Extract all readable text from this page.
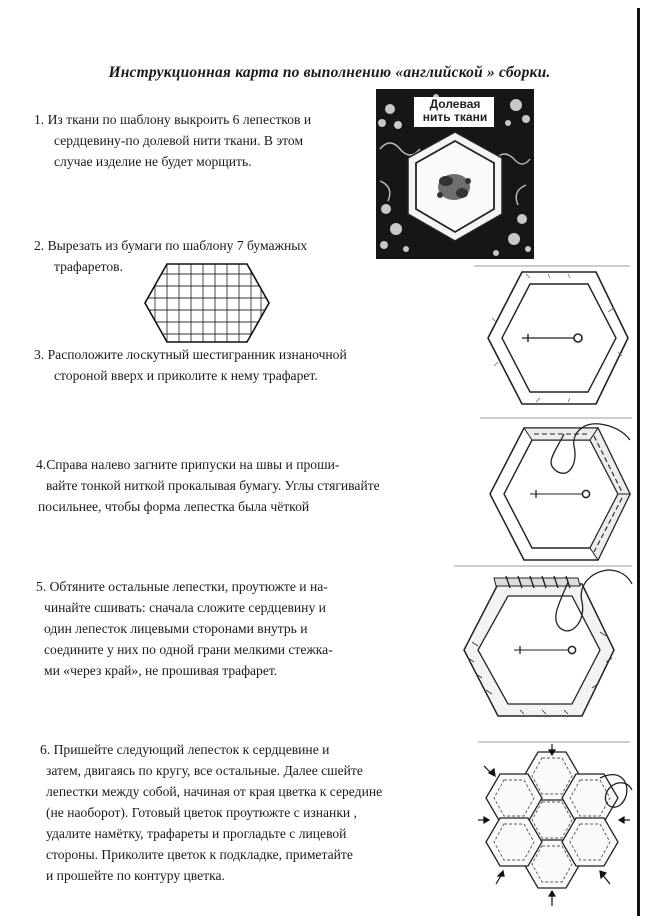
Инструкционная карта по выполнению «английской » сборки.

1. Из ткани по шаблону выкроить 6 лепестков и

сердцевину-по долевой нити ткани. В этом

случае изделие не будет морщить.

2. Вырезать из бумаги по шаблону 7 бумажных

трафаретов.

3. Расположите лоскутный шестигранник изнаночной

стороной вверх и приколите к нему трафарет.

4.Справа налево загните припуски на швы и проши-

вайте тонкой ниткой прокалывая бумагу. Углы стягивайте

посильнее, чтобы форма лепестка была чёткой

5. Обтяните остальные лепестки, проутюжте и на-

чинайте сшивать: сначала сложите сердцевину и

один лепесток лицевыми сторонами внутрь и

соедините у них по одной грани мелкими стежка-

ми «через край», не прошивая трафарет.

6. Пришейте следующий лепесток к сердцевине и

затем, двигаясь по кругу, все остальные. Далее сшейте

лепестки между собой, начиная от края цветка к середине

(не наоборот). Готовый цветок проутюжте с изнанки ,

удалите намётку, трафареты и прогладьте с лицевой

стороны. Приколите цветок к подкладке, приметайте

и прошейте по контуру цветка.

Долевая
нить ткани
